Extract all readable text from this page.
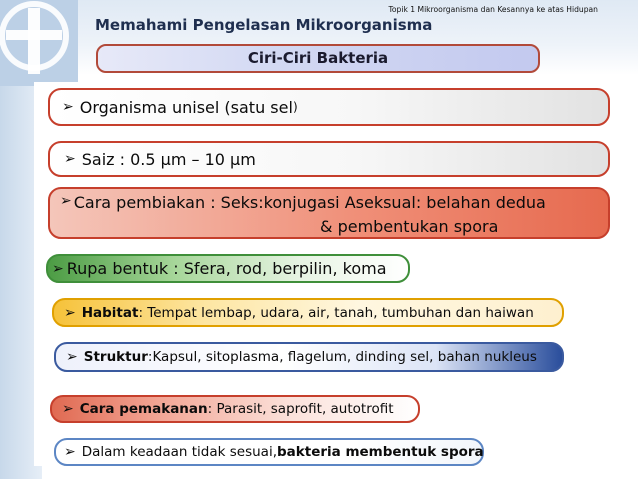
Topik 1 Mikroorganisma dan Kesannya ke atas Hidupan
Memahami Pengelasan Mikroorganisma
Ciri-Ciri Bakteria
➢ Organisma unisel (satu sel )
➢ Saiz : 0.5 μm – 10 μm
➢ Cara pembiakan : Seks:konjugasi Aseksual: belahan dedua
& pembentukan spora
➢ Rupa bentuk : Sfera, rod, berpilin, koma
➢ Habitat : Tempat lembap, udara, air, tanah, tumbuhan dan haiwan
➢ Struktur :Kapsul, sitoplasma, flagelum, dinding sel, bahan nukleus
➢ Cara pemakanan : Parasit, saprofit, autotrofit
➢ Dalam keadaan tidak sesuai, bakteria membentuk spora
